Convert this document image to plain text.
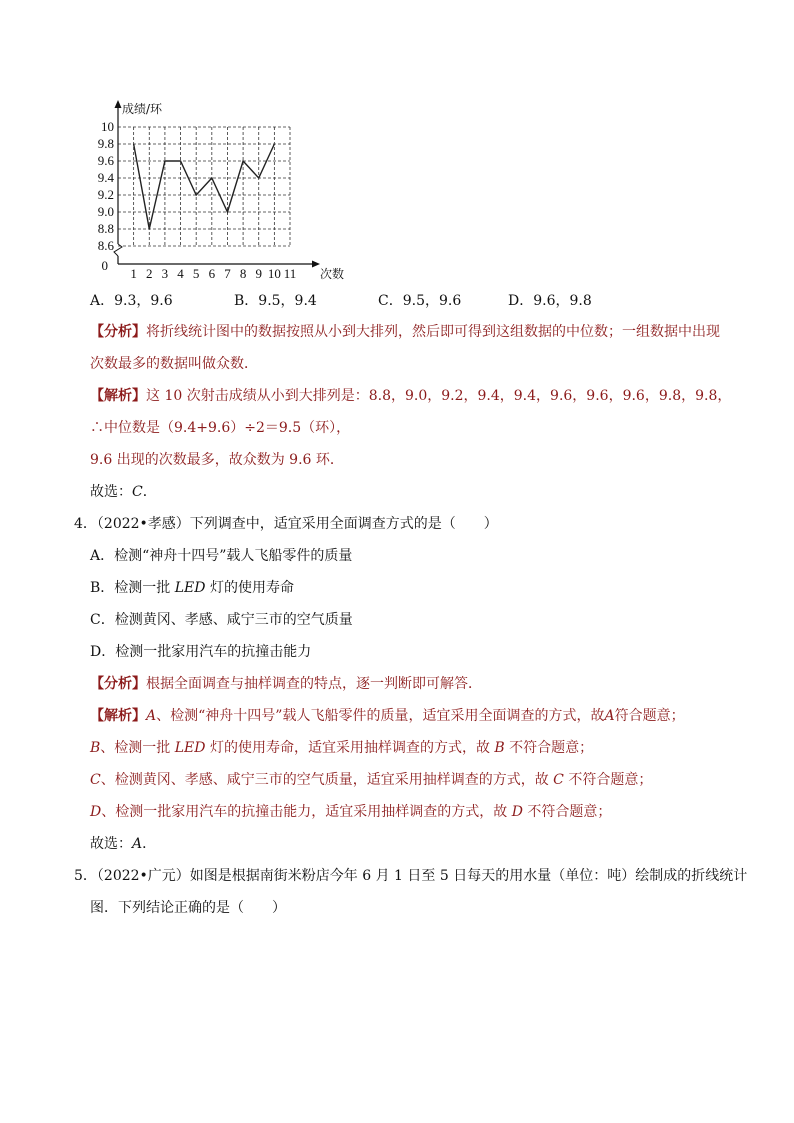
8.6
8.8
9.0
9.2
9.4
9.6
9.8
10
1 2 3 4 5 6 7 8 9 10 11
成绩/环
次数
0
A．9.3，9.6	B．9.5，9.4	C．9.5，9.6	D．9.6，9.8
【分析】将折线统计图中的数据按照从小到大排列，然后即可得到这组数据的中位数；一组数据中出现
次数最多的数据叫做众数．
【解析】这 10 次射击成绩从小到大排列是：8.8，9.0，9.2，9.4，9.4，9.6，9.6，9.6，9.8，9.8，
∴中位数是（9.4+9.6）÷2＝9.5（环），
9.6 出现的次数最多，故众数为 9.6 环．
故选：C．
4．（2022•孝感）下列调查中，适宜采用全面调查方式的是（　　）
A．检测“神舟十四号”载人飞船零件的质量
B．检测一批 LED 灯的使用寿命
C．检测黄冈、孝感、咸宁三市的空气质量
D．检测一批家用汽车的抗撞击能力
【分析】根据全面调查与抽样调查的特点，逐一判断即可解答．
【解析】A、检测“神舟十四号”载人飞船零件的质量，适宜采用全面调查的方式，故A符合题意；
B、检测一批 LED 灯的使用寿命，适宜采用抽样调查的方式，故 B 不符合题意；
C、检测黄冈、孝感、咸宁三市的空气质量，适宜采用抽样调查的方式，故 C 不符合题意；
D、检测一批家用汽车的抗撞击能力，适宜采用抽样调查的方式，故 D 不符合题意；
故选：A．
5．（2022•广元）如图是根据南街米粉店今年 6 月 1 日至 5 日每天的用水量（单位：吨）绘制成的折线统计
图．下列结论正确的是（　　）
